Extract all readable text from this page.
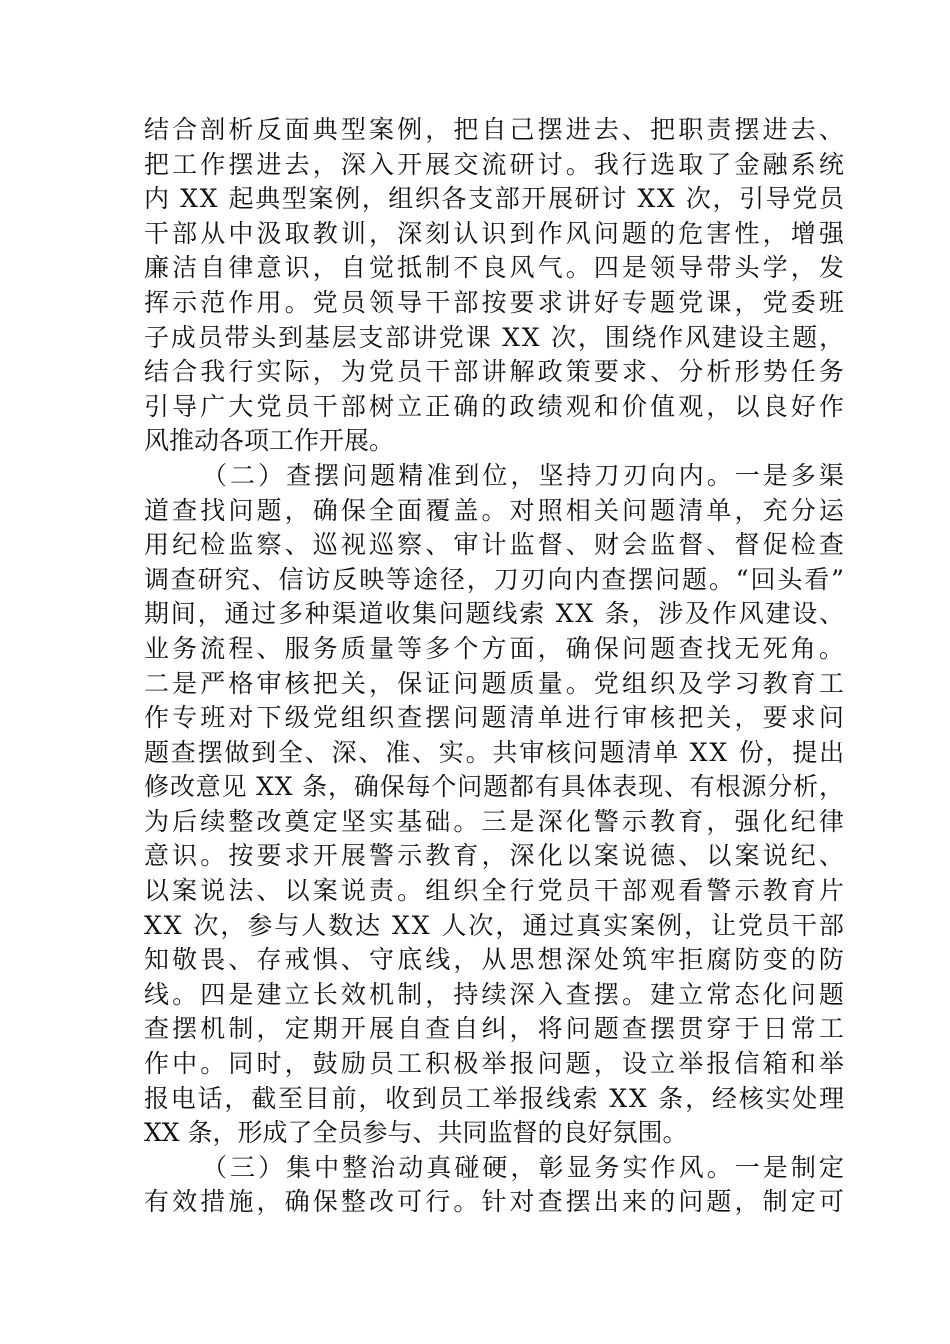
结合剖析反面典型案例，把自己摆进去、把职责摆进去、
把工作摆进去，深入开展交流研讨。我行选取了金融系统
内 XX 起典型案例，组织各支部开展研讨 XX 次，引导党员
干部从中汲取教训，深刻认识到作风问题的危害性，增强
廉洁自律意识，自觉抵制不良风气。四是领导带头学，发
挥示范作用。党员领导干部按要求讲好专题党课，党委班
子成员带头到基层支部讲党课 XX 次，围绕作风建设主题，
结合我行实际，为党员干部讲解政策要求、分析形势任务
引导广大党员干部树立正确的政绩观和价值观，以良好作
风推动各项工作开展。
（二）查摆问题精准到位，坚持刀刃向内。一是多渠
道查找问题，确保全面覆盖。对照相关问题清单，充分运
用纪检监察、巡视巡察、审计监督、财会监督、督促检查
调查研究、信访反映等途径，刀刃向内查摆问题。“回头看”
期间，通过多种渠道收集问题线索 XX 条，涉及作风建设、
业务流程、服务质量等多个方面，确保问题查找无死角。
二是严格审核把关，保证问题质量。党组织及学习教育工
作专班对下级党组织查摆问题清单进行审核把关，要求问
题查摆做到全、深、准、实。共审核问题清单 XX 份，提出
修改意见 XX 条，确保每个问题都有具体表现、有根源分析，
为后续整改奠定坚实基础。三是深化警示教育，强化纪律
意识。按要求开展警示教育，深化以案说德、以案说纪、
以案说法、以案说责。组织全行党员干部观看警示教育片
XX 次，参与人数达 XX 人次，通过真实案例，让党员干部
知敬畏、存戒惧、守底线，从思想深处筑牢拒腐防变的防
线。四是建立长效机制，持续深入查摆。建立常态化问题
查摆机制，定期开展自查自纠，将问题查摆贯穿于日常工
作中。同时，鼓励员工积极举报问题，设立举报信箱和举
报电话，截至目前，收到员工举报线索 XX 条，经核实处理
XX 条，形成了全员参与、共同监督的良好氛围。
（三）集中整治动真碰硬，彰显务实作风。一是制定
有效措施，确保整改可行。针对查摆出来的问题，制定可
